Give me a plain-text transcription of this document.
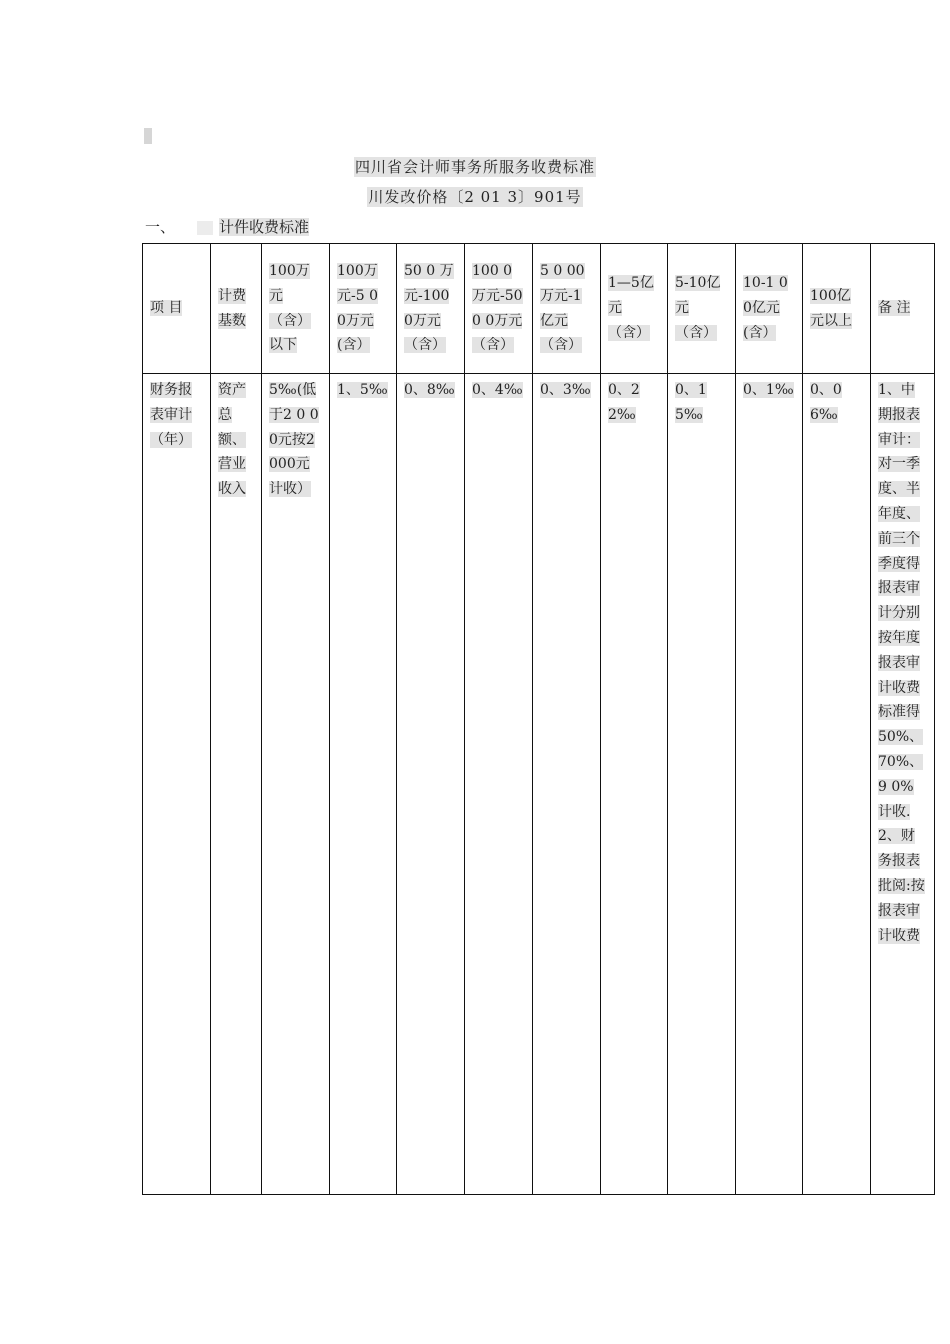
四川省会计师事务所服务收费标准
川发改价格〔2 01 3〕901号
一、	计件收费标准
项 目	计费基数	100万元 （含）以下	100万元-5 0 0万元 (含）	50 0 万元-1000万元 （含）	100 0 万元-50 0 0万元 （含）	5 0 00万元-1亿元 （含）	1—5亿元 （含）	5-10亿元 （含）	10-1 0 0亿元 (含）	100亿元以上	备 注
财务报表审计（年）	资产总额、营业收入	5‰(低于2 0 0 0元按2000元计收）	1、5‰	0、8‰	0、4‰	0、3‰	0、2 2‰	0、15‰	0、1‰	0、0 6‰	1、中期报表审计：对一季度、半年度、前三个季度得报表审计分别按年度报表审计收费标准得50%、70%、9 0%计收.2、财务报表批阅:按报表审计收费
